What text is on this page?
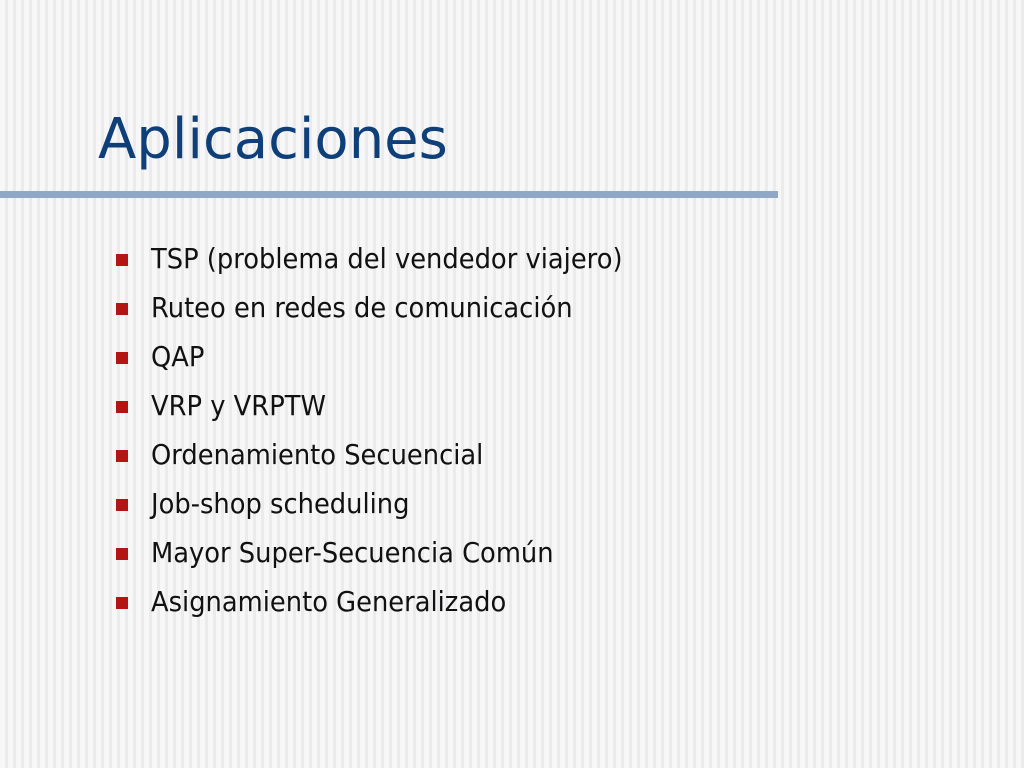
Aplicaciones
TSP (problema del vendedor viajero)
Ruteo en redes de comunicación
QAP
VRP y VRPTW
Ordenamiento Secuencial
Job-shop scheduling
Mayor Super-Secuencia Común
Asignamiento Generalizado
